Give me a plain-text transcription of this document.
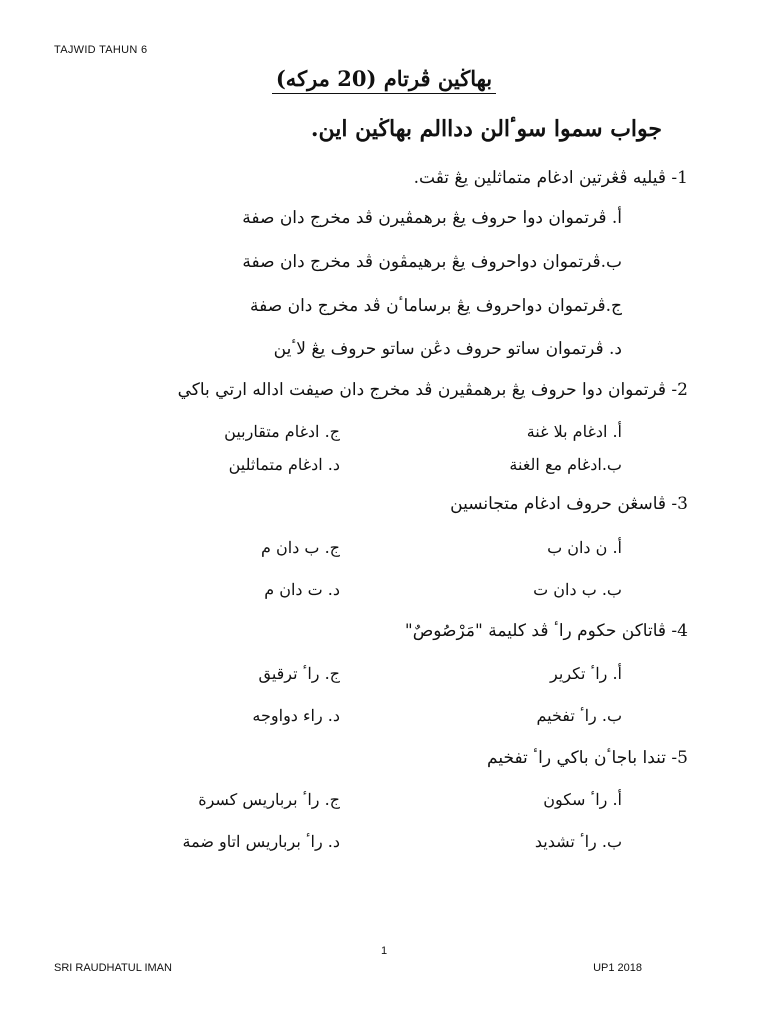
TAJWID TAHUN 6
بهاڬين ڤرتام (20 مركه)
جواب سموا سوٴالن دداالم بهاڬين اين.
1- ڤيليه ڤڠرتين ادغام متماثلين يڠ تڤت.
أ. ڤرتموان دوا حروف يڠ برهمڤيرن ڤد مخرج دان صفة
ب.ڤرتموان دواحروف يڠ برهيمڤون ڤد مخرج دان صفة
ج.ڤرتموان دواحروف يڠ برساماٴن ڤد مخرج دان صفة
د. ڤرتموان ساتو حروف دڠن ساتو حروف يڠ لاٴين
2- ڤرتموان دوا حروف يڠ برهمڤيرن ڤد مخرج دان صيفت اداله ارتي باكي
أ. ادغام بلا غنة
ب.ادغام مع الغنة
ج. ادغام متقاربين
د. ادغام متماثلين
3- ڤاسڠن حروف ادغام متجانسين
أ. ن دان ب
ب. ب دان ت
ج. ب دان م
د. ت دان م
4- ڤاتاكن حكوم راٴ ڤد كليمة "مَرْصُوصٌ"
أ. راٴ تكرير
ب. راٴ تفخيم
ج. راٴ ترقيق
د. راء دواوجه
5- تندا باجاٴن باكي راٴ تفخيم
أ. راٴ سكون
ب. راٴ تشديد
ج. راٴ برباريس كسرة
د. راٴ برباريس اتاو ضمة
1
SRI RAUDHATUL IMAN	UP1 2018
